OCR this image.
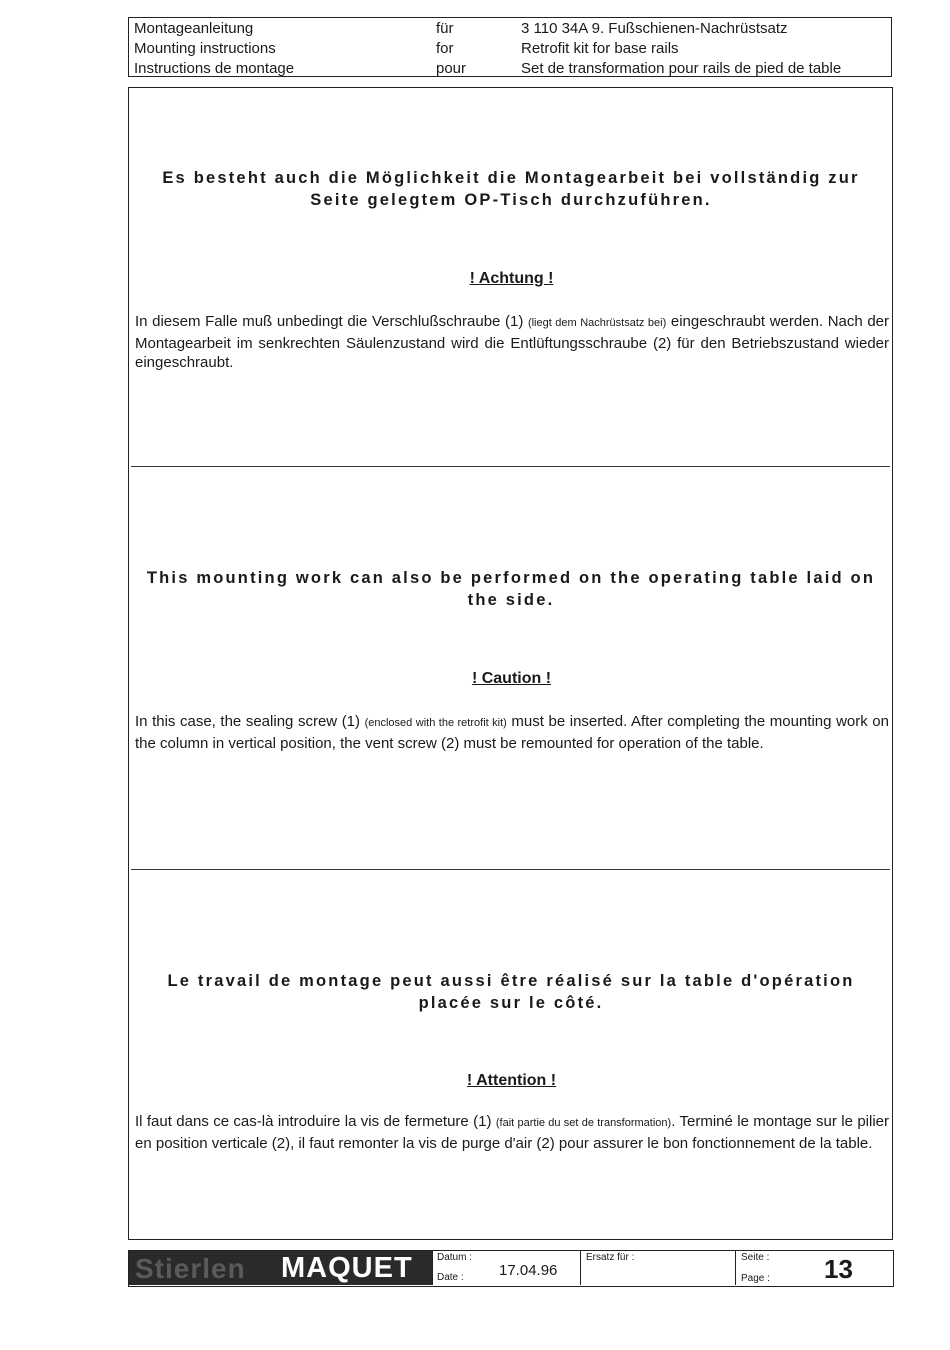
Montageanleitung	für	3 110 34A 9. Fußschienen-Nachrüstsatz
Mounting instructions	for	Retrofit kit for base rails
Instructions de montage	pour	Set de transformation pour rails de pied de table
Es besteht auch die Möglichkeit die Montagearbeit bei vollständig zur
Seite gelegtem OP-Tisch durchzuführen.
! Achtung !
In diesem Falle muß unbedingt die Verschlußschraube (1) (liegt dem Nachrüstsatz bei) eingeschraubt werden. Nach der Montagearbeit im senkrechten Säulenzustand wird die Entlüftungsschraube (2) für den Betriebszustand wieder eingeschraubt.
This mounting work can also be performed on the operating table laid on
the side.
! Caution !
In this case, the sealing screw (1) (enclosed with the retrofit kit) must be inserted. After completing the mounting work on the column in vertical position, the vent screw (2) must be remounted for operation of the table.
Le travail de montage peut aussi être réalisé sur la table d'opération
placée sur le côté.
! Attention !
Il faut dans ce cas-là introduire la vis de fermeture (1) (fait partie du set de transformation). Terminé le montage sur le pilier en position verticale (2), il faut remonter la vis de purge d'air (2) pour assurer le bon fonctionnement de la table.
Stierlen MAQUET Datum :
Date : 17.04.96
Ersatz für :	Seite :
Page : 13
